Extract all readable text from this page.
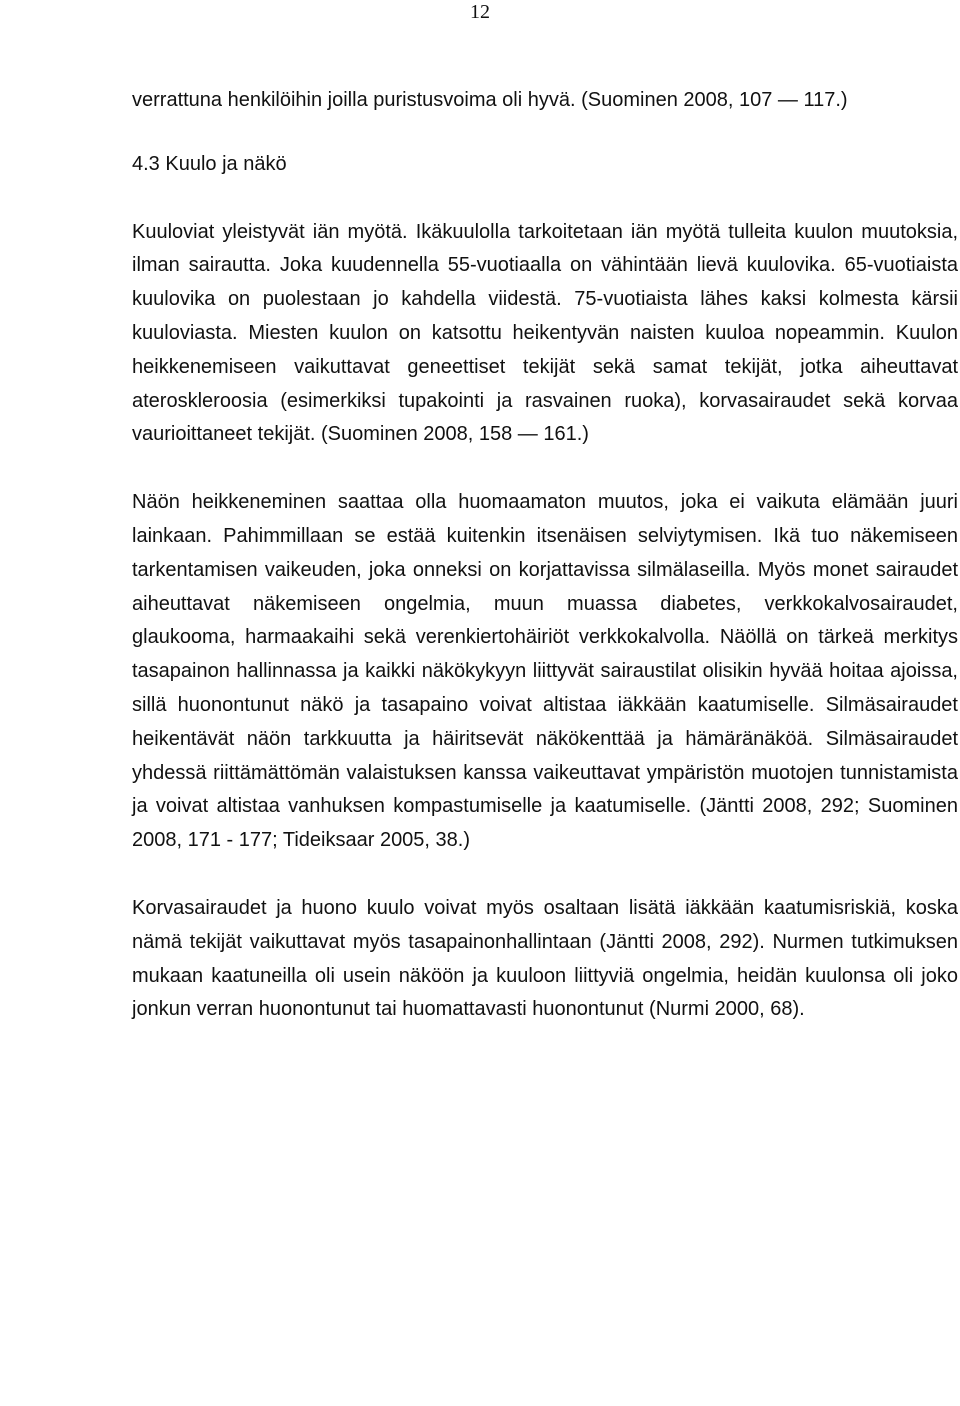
12

verrattuna henkilöihin joilla puristusvoima oli hyvä. (Suominen 2008, 107 — 117.)

4.3 Kuulo ja näkö

Kuuloviat yleistyvät iän myötä. Ikäkuulolla tarkoitetaan iän myötä tulleita kuulon muutoksia, ilman sairautta. Joka kuudennella 55-vuotiaalla on vähintään lievä kuulovika. 65-vuotiaista kuulovika on puolestaan jo kahdella viidestä. 75-vuotiaista lähes kaksi kolmesta kärsii kuuloviasta. Miesten kuulon on katsottu heikentyvän naisten kuuloa nopeammin. Kuulon heikkenemiseen vaikuttavat geneettiset tekijät sekä samat tekijät, jotka aiheuttavat ateroskleroosia (esimerkiksi tupakointi ja rasvainen ruoka), korvasairaudet sekä korvaa vaurioittaneet tekijät. (Suominen 2008, 158 — 161.)

Näön heikkeneminen saattaa olla huomaamaton muutos, joka ei vaikuta elämään juuri lainkaan. Pahimmillaan se estää kuitenkin itsenäisen selviytymisen. Ikä tuo näkemiseen tarkentamisen vaikeuden, joka onneksi on korjattavissa silmälaseilla. Myös monet sairaudet aiheuttavat näkemiseen ongelmia, muun muassa diabetes, verkkokalvosairaudet, glaukooma, harmaakaihi sekä verenkiertohäiriöt verkkokalvolla. Näöllä on tärkeä merkitys tasapainon hallinnassa ja kaikki näkökykyyn liittyvät sairaustilat olisikin hyvää hoitaa ajoissa, sillä huonontunut näkö ja tasapaino voivat altistaa iäkkään kaatumiselle. Silmäsairaudet heikentävät näön tarkkuutta ja häiritsevät näkökenttää ja hämäränäköä. Silmäsairaudet yhdessä riittämättömän valaistuksen kanssa vaikeuttavat ympäristön muotojen tunnistamista ja voivat altistaa vanhuksen kompastumiselle ja kaatumiselle. (Jäntti 2008, 292; Suominen 2008, 171 - 177; Tideiksaar 2005, 38.)

Korvasairaudet ja huono kuulo voivat myös osaltaan lisätä iäkkään kaatumisriskiä, koska nämä tekijät vaikuttavat myös tasapainonhallintaan (Jäntti 2008, 292). Nurmen tutkimuksen mukaan kaatuneilla oli usein näköön ja kuuloon liittyviä ongelmia, heidän kuulonsa oli joko jonkun verran huonontunut tai huomattavasti huonontunut (Nurmi 2000, 68).
